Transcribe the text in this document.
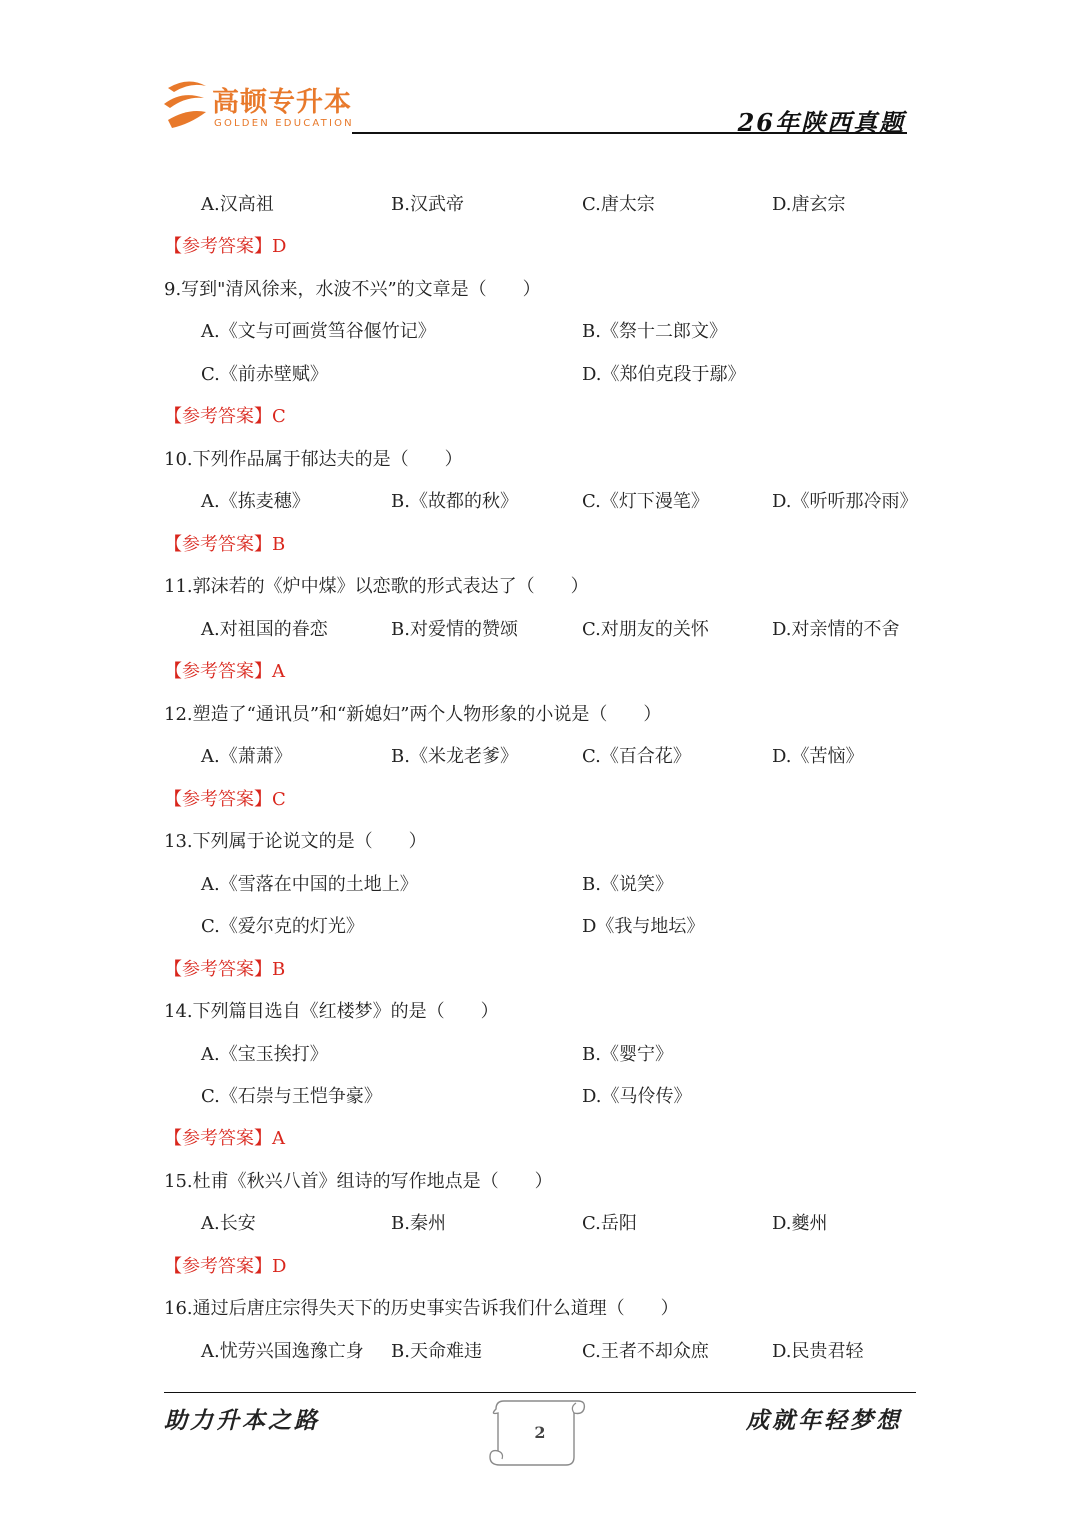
高顿专升本
GOLDEN EDUCATION	26年陕西真题
A.汉高祖	B.汉武帝	C.唐太宗	D.唐玄宗
【参考答案】D
9.写到"清风徐来，水波不兴”的文章是（　　）
A.《文与可画赏筜谷偃竹记》	B.《祭十二郎文》
C.《前赤壁赋》	D.《郑伯克段于鄢》
【参考答案】C
10.下列作品属于郁达夫的是（　　）
A.《拣麦穗》	B.《故都的秋》	C.《灯下漫笔》	D.《听听那冷雨》
【参考答案】B
11.郭沫若的《炉中煤》以恋歌的形式表达了（　　）
A.对祖国的眷恋	B.对爱情的赞颂	C.对朋友的关怀	D.对亲情的不舍
【参考答案】A
12.塑造了“通讯员”和“新媳妇”两个人物形象的小说是（　　）
A.《萧萧》	B.《米龙老爹》	C.《百合花》	D.《苦恼》
【参考答案】C
13.下列属于论说文的是（　　）
A.《雪落在中国的土地上》	B.《说笑》
C.《爱尔克的灯光》	D《我与地坛》
【参考答案】B
14.下列篇目选自《红楼梦》的是（　　）
A.《宝玉挨打》	B.《婴宁》
C.《石崇与王恺争豪》	D.《马伶传》
【参考答案】A
15.杜甫《秋兴八首》组诗的写作地点是（　　）
A.长安	B.秦州	C.岳阳	D.夔州
【参考答案】D
16.通过后唐庄宗得失天下的历史事实告诉我们什么道理（　　）
A.忧劳兴国逸豫亡身 B.天命难违	C.王者不却众庶	D.民贵君轻
助力升本之路	成就年轻梦想
2
